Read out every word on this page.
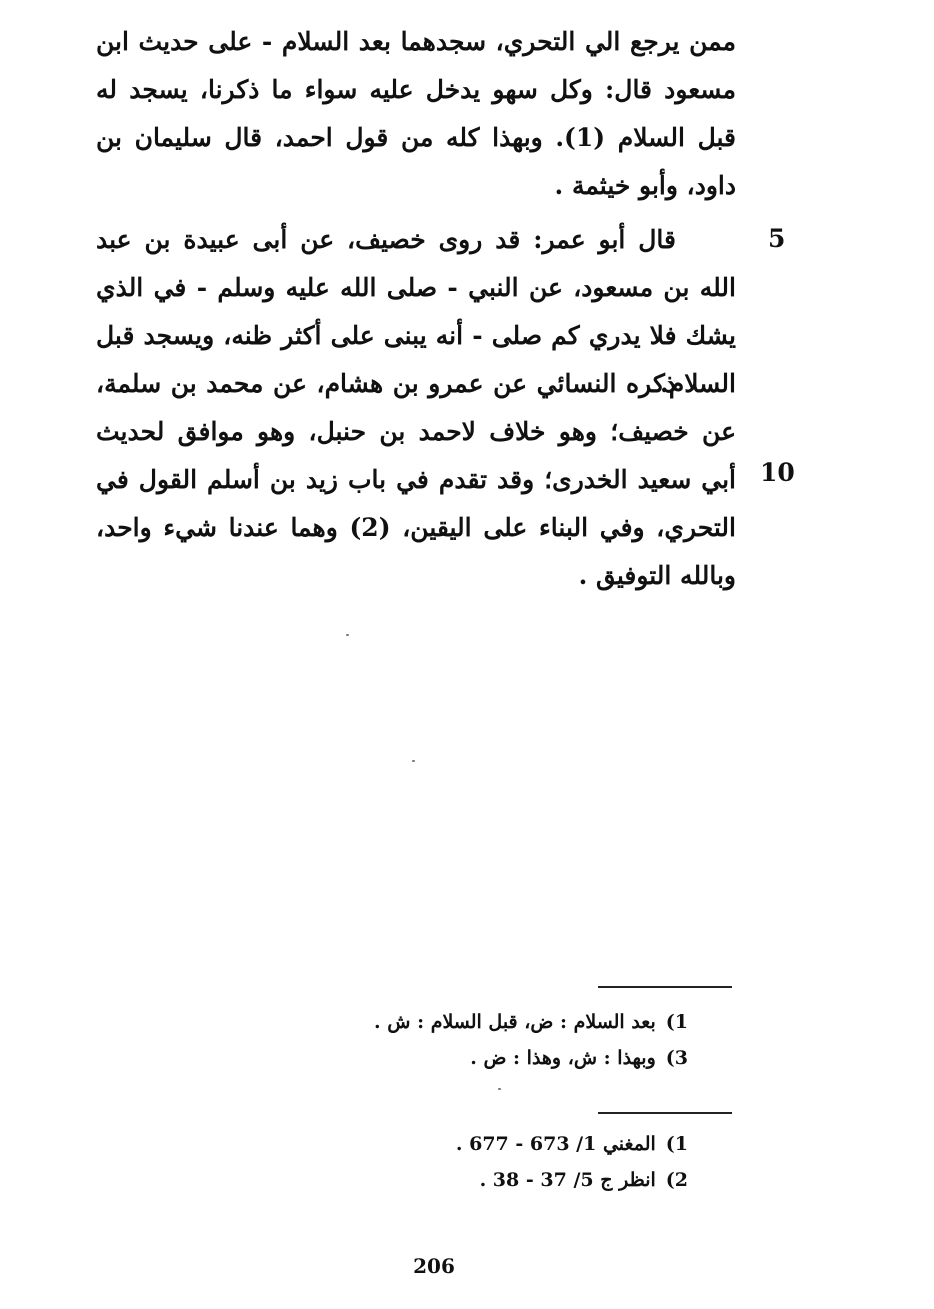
ممن يرجع الي التحري، سجدهما بعد السلام - على حديث ابن مسعود قال: وكل سهو يدخل عليه سواء ما ذكرنا، يسجد له قبل السلام (1). وبهذا كله من قول احمد، قال سليمان بن داود، وأبو خيثمة .
5
قال أبو عمر: قد روى خصيف، عن أبى عبيدة بن عبد الله بن مسعود، عن النبي - صلى الله عليه وسلم - في الذي يشك فلا يدري كم صلى - أنه يبنى على أكثر ظنه، ويسجد قبل السلام.
ذكره النسائي عن عمرو بن هشام، عن محمد بن سلمة، عن خصيف؛ وهو خلاف لاحمد بن حنبل، وهو موافق لحديث أبي سعيد الخدرى؛ وقد تقدم في باب زيد بن أسلم القول في التحري، وفي البناء على اليقين، (2) وهما عندنا شيء واحد، وبالله التوفيق .
10
1)بعد السلام : ض، قبل السلام : ش .
3)وبهذا : ش، وهذا : ض .
1)المغني 1/ 673 - 677 .
2)انظر ج 5/ 37 - 38 .
206
